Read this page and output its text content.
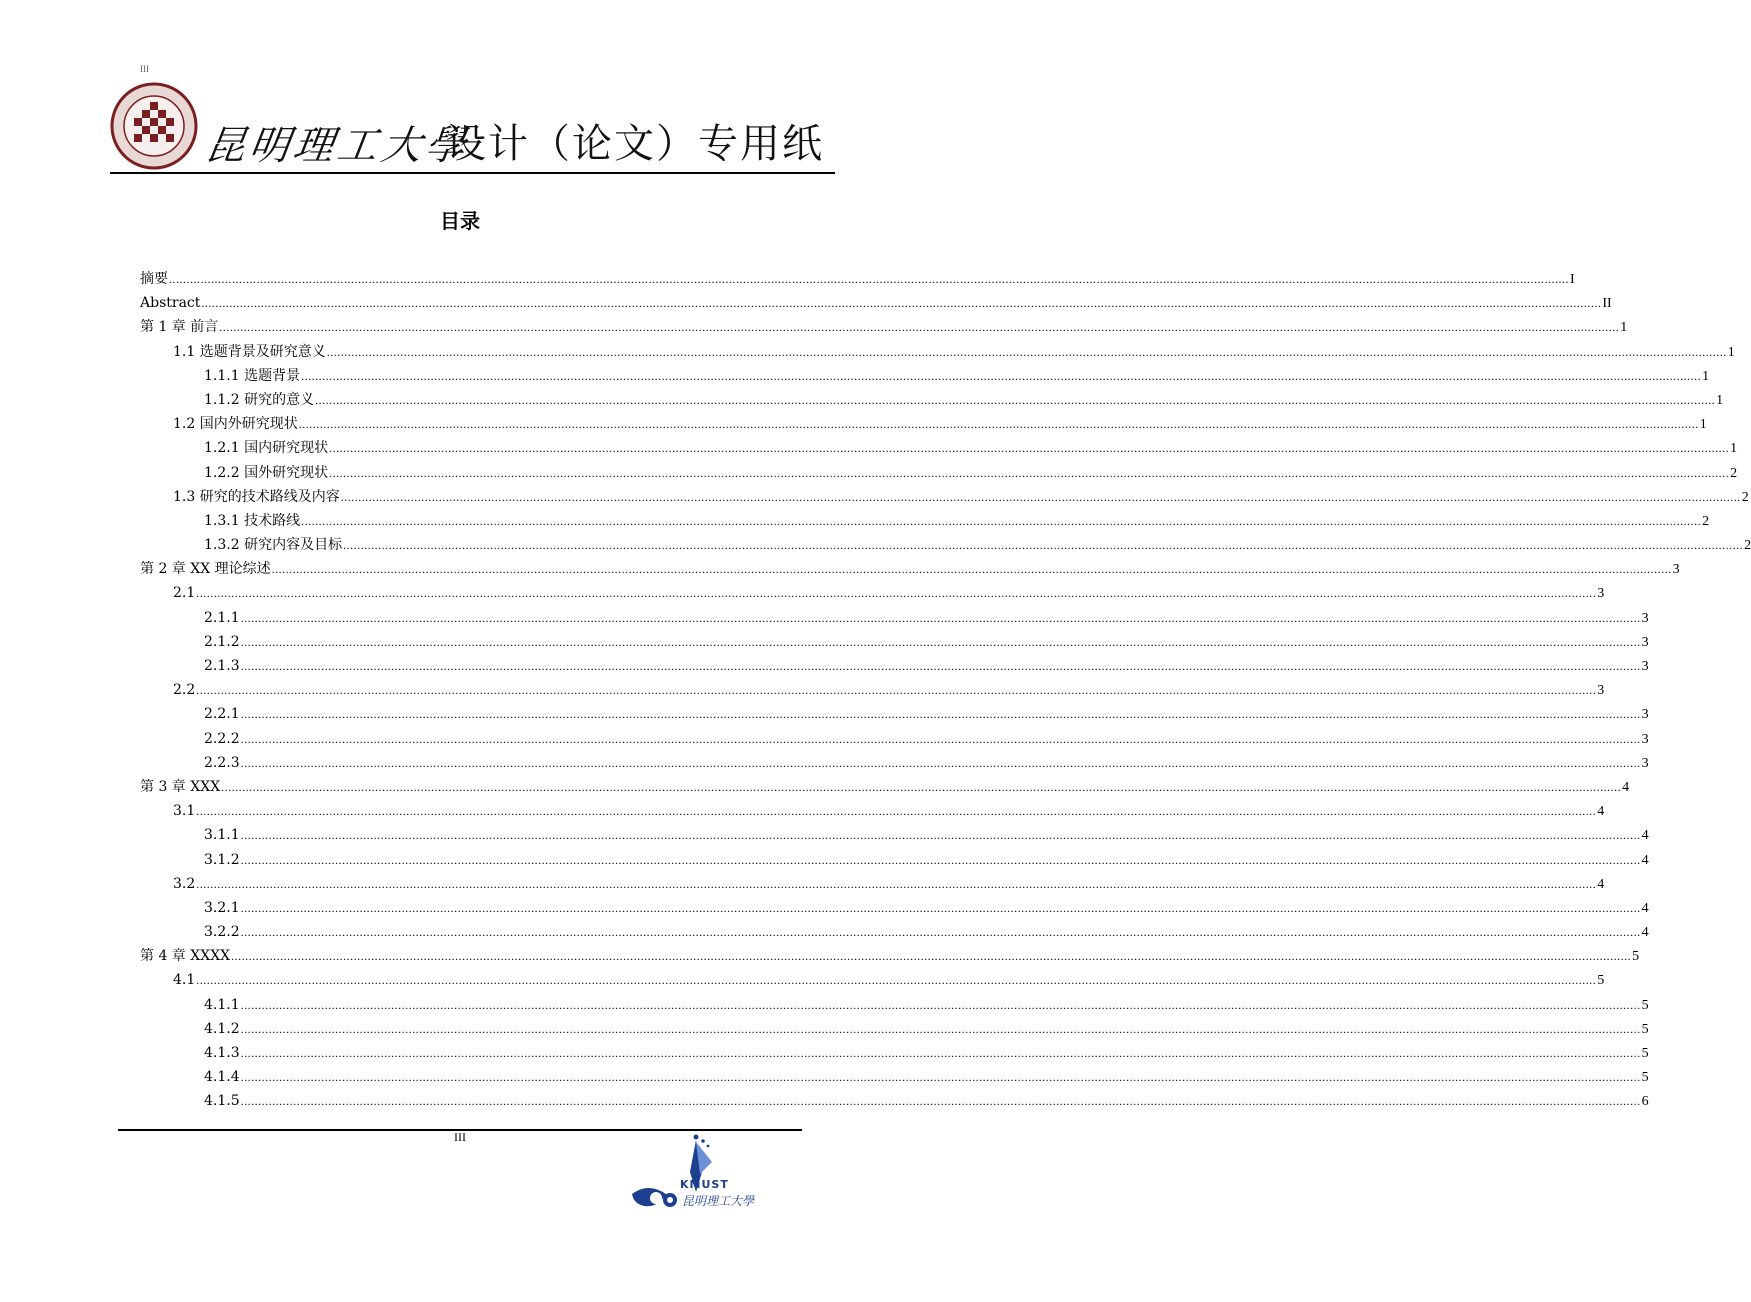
III
昆明理工大學
设计（论文）专用纸
目录
摘要 ................................................................................................................................................................................................................................................................................................................................................................................................................ I
Abstract ................................................................................................................................................................................................................................................................................................................................................................................................................ II
第 1 章 前言 ................................................................................................................................................................................................................................................................................................................................................................................................................ 1
1.1 选题背景及研究意义 ................................................................................................................................................................................................................................................................................................................................................................................................................ 1
1.1.1 选题背景 ................................................................................................................................................................................................................................................................................................................................................................................................................ 1
1.1.2 研究的意义 ................................................................................................................................................................................................................................................................................................................................................................................................................ 1
1.2 国内外研究现状 ................................................................................................................................................................................................................................................................................................................................................................................................................ 1
1.2.1 国内研究现状 ................................................................................................................................................................................................................................................................................................................................................................................................................ 1
1.2.2 国外研究现状 ................................................................................................................................................................................................................................................................................................................................................................................................................ 2
1.3 研究的技术路线及内容 ................................................................................................................................................................................................................................................................................................................................................................................................................ 2
1.3.1 技术路线 ................................................................................................................................................................................................................................................................................................................................................................................................................ 2
1.3.2 研究内容及目标 ................................................................................................................................................................................................................................................................................................................................................................................................................ 2
第 2 章 XX 理论综述 ................................................................................................................................................................................................................................................................................................................................................................................................................ 3
2.1 ................................................................................................................................................................................................................................................................................................................................................................................................................ 3
2.1.1 ................................................................................................................................................................................................................................................................................................................................................................................................................ 3
2.1.2 ................................................................................................................................................................................................................................................................................................................................................................................................................ 3
2.1.3 ................................................................................................................................................................................................................................................................................................................................................................................................................ 3
2.2 ................................................................................................................................................................................................................................................................................................................................................................................................................ 3
2.2.1 ................................................................................................................................................................................................................................................................................................................................................................................................................ 3
2.2.2 ................................................................................................................................................................................................................................................................................................................................................................................................................ 3
2.2.3 ................................................................................................................................................................................................................................................................................................................................................................................................................ 3
第 3 章 XXX ................................................................................................................................................................................................................................................................................................................................................................................................................ 4
3.1 ................................................................................................................................................................................................................................................................................................................................................................................................................ 4
3.1.1 ................................................................................................................................................................................................................................................................................................................................................................................................................ 4
3.1.2 ................................................................................................................................................................................................................................................................................................................................................................................................................ 4
3.2 ................................................................................................................................................................................................................................................................................................................................................................................................................ 4
3.2.1 ................................................................................................................................................................................................................................................................................................................................................................................................................ 4
3.2.2 ................................................................................................................................................................................................................................................................................................................................................................................................................ 4
第 4 章 XXXX ................................................................................................................................................................................................................................................................................................................................................................................................................ 5
4.1 ................................................................................................................................................................................................................................................................................................................................................................................................................ 5
4.1.1 ................................................................................................................................................................................................................................................................................................................................................................................................................ 5
4.1.2 ................................................................................................................................................................................................................................................................................................................................................................................................................ 5
4.1.3 ................................................................................................................................................................................................................................................................................................................................................................................................................ 5
4.1.4 ................................................................................................................................................................................................................................................................................................................................................................................................................ 5
4.1.5 ................................................................................................................................................................................................................................................................................................................................................................................................................ 6
III
KMUST
昆明理工大學
